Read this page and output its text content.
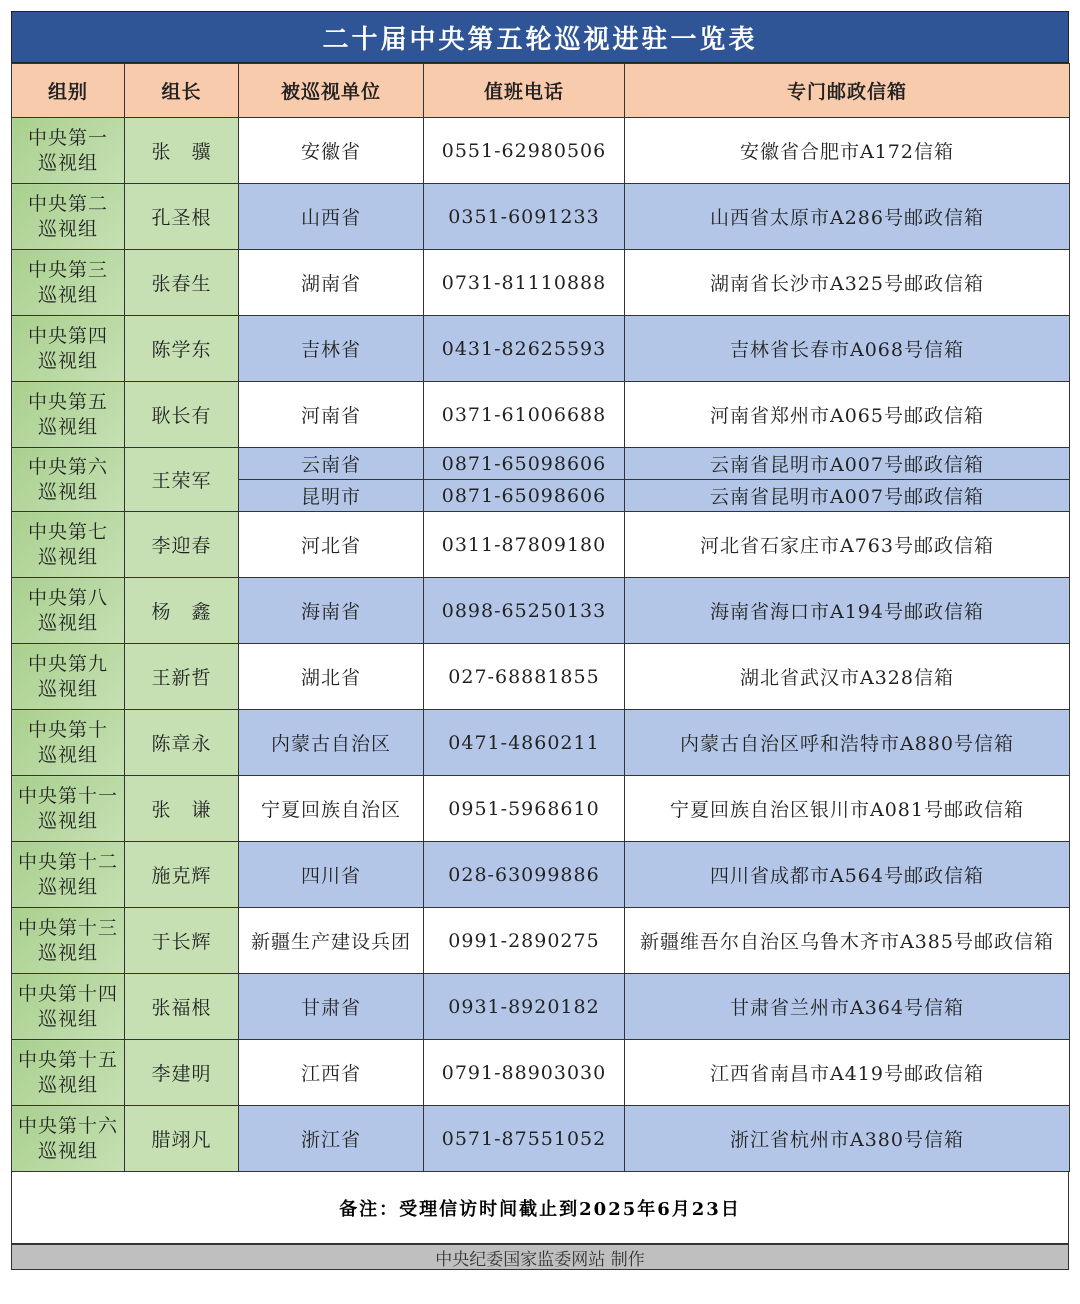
二十届中央第五轮巡视进驻一览表
组别	组长	被巡视单位	值班电话	专门邮政信箱
中央第一巡视组	张　骥	安徽省	0551-62980506	安徽省合肥市A172信箱
中央第二巡视组	孔圣根	山西省	0351-6091233	山西省太原市A286号邮政信箱
中央第三巡视组	张春生	湖南省	0731-81110888	湖南省长沙市A325号邮政信箱
中央第四巡视组	陈学东	吉林省	0431-82625593	吉林省长春市A068号信箱
中央第五巡视组	耿长有	河南省	0371-61006688	河南省郑州市A065号邮政信箱
中央第六巡视组	王荣军	云南省	0871-65098606	云南省昆明市A007号邮政信箱
		昆明市	0871-65098606	云南省昆明市A007号邮政信箱
中央第七巡视组	李迎春	河北省	0311-87809180	河北省石家庄市A763号邮政信箱
中央第八巡视组	杨　鑫	海南省	0898-65250133	海南省海口市A194号邮政信箱
中央第九巡视组	王新哲	湖北省	027-68881855	湖北省武汉市A328信箱
中央第十巡视组	陈章永	内蒙古自治区	0471-4860211	内蒙古自治区呼和浩特市A880号信箱
中央第十一巡视组	张　谦	宁夏回族自治区	0951-5968610	宁夏回族自治区银川市A081号邮政信箱
中央第十二巡视组	施克辉	四川省	028-63099886	四川省成都市A564号邮政信箱
中央第十三巡视组	于长辉	新疆生产建设兵团	0991-2890275	新疆维吾尔自治区乌鲁木齐市A385号邮政信箱
中央第十四巡视组	张福根	甘肃省	0931-8920182	甘肃省兰州市A364号信箱
中央第十五巡视组	李建明	江西省	0791-88903030	江西省南昌市A419号邮政信箱
中央第十六巡视组	腊翊凡	浙江省	0571-87551052	浙江省杭州市A380号信箱
备注：受理信访时间截止到2025年6月23日
中央纪委国家监委网站 制作
